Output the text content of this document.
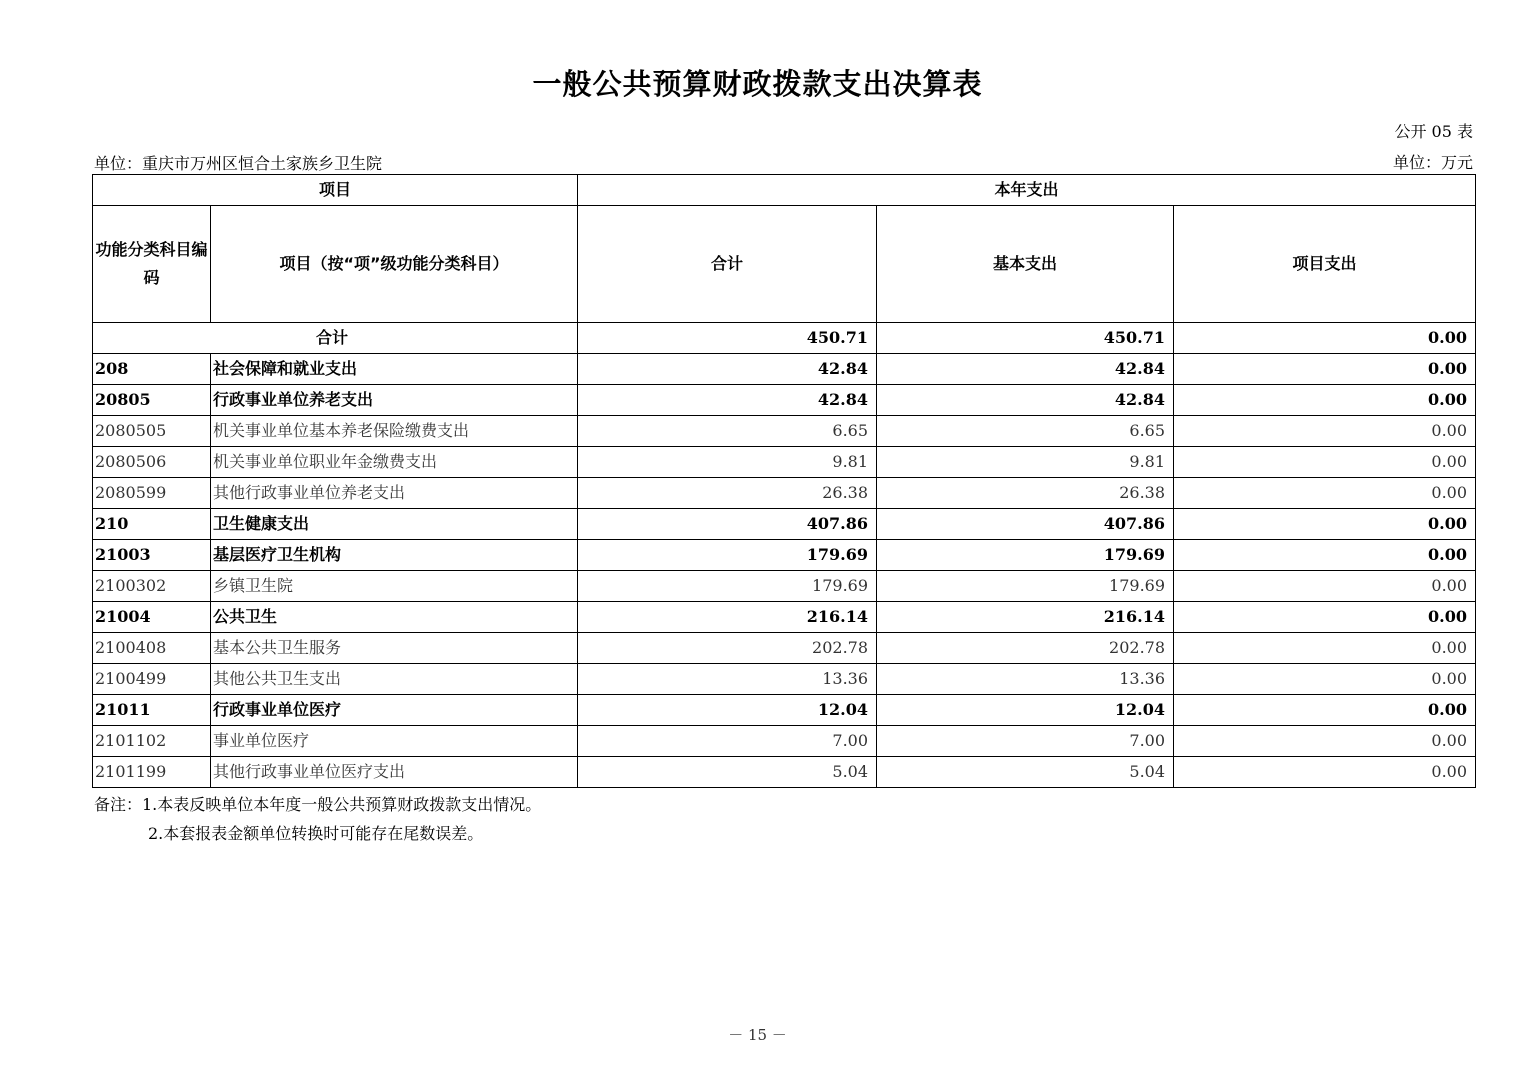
一般公共预算财政拨款支出决算表
公开 05 表
单位：重庆市万州区恒合土家族乡卫生院	单位：万元
项目		本年支出		
功能分类科目编码	项目（按“项”级功能分类科目）	合计	基本支出	项目支出
合计		450.71	450.71	0.00
208	社会保障和就业支出	42.84	42.84	0.00
20805	行政事业单位养老支出	42.84	42.84	0.00
2080505	机关事业单位基本养老保险缴费支出	6.65	6.65	0.00
2080506	机关事业单位职业年金缴费支出	9.81	9.81	0.00
2080599	其他行政事业单位养老支出	26.38	26.38	0.00
210	卫生健康支出	407.86	407.86	0.00
21003	基层医疗卫生机构	179.69	179.69	0.00
2100302	乡镇卫生院	179.69	179.69	0.00
21004	公共卫生	216.14	216.14	0.00
2100408	基本公共卫生服务	202.78	202.78	0.00
2100499	其他公共卫生支出	13.36	13.36	0.00
21011	行政事业单位医疗	12.04	12.04	0.00
2101102	事业单位医疗	7.00	7.00	0.00
2101199	其他行政事业单位医疗支出	5.04	5.04	0.00
备注：1.本表反映单位本年度一般公共预算财政拨款支出情况。
2.本套报表金额单位转换时可能存在尾数误差。
－ 15 －
